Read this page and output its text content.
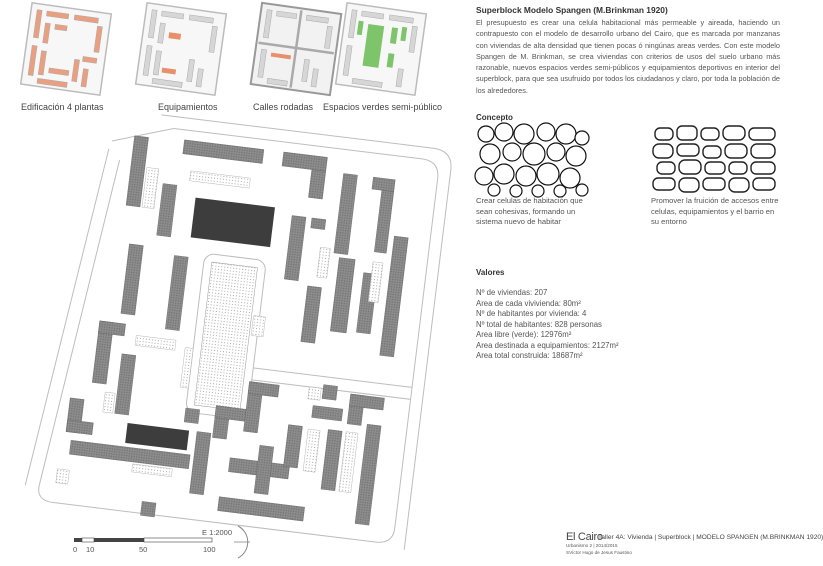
Edificación 4 plantas	Equipamientos	Calles rodadas Espacios verdes semi-público
E 1:2000
0 10	50	100
Superblock Modelo Spangen (M.Brinkman 1920)
El presupuesto es crear una celula habitacional más permeable y aireada, haciendo un contrapuesto con el modelo de desarrollo urbano del Cairo, que es marcada por manzanas con viviendas de alta densidad que tienen pocas ó ningúnas areas verdes. Con este modelo Spangen de M. Brinkman, se crea viviendas con criterios de usos del suelo urbano más razonable, nuevos espacios verdes semi-públicos y equipamientos deportivos en interior del superblock, para que sea usufruido por todos los ciudadanos y claro, por toda la población de los alrededores.
Concepto
Crear celulas de habitación que sean cohesivas, formando un sistema nuevo de habitar
Promover la fruición de accesos entre celulas, equipamientos y el barrio en su entorno
Valores
Nº de viviendas: 207
Area de cada vivivienda: 80m²
Nº de habitantes por vivienda: 4
Nº total de habitantes: 828 personas
Area libre (verde): 12976m²
Area destinada a equipamientos: 2127m²
Area total construida: 18687m²
El Cairo
Taller 4A: Vivienda | Superblock | MODELO SPANGEN (M.BRINKMAN 1920)
Urbanismo 2 | 2014/2015
SVíctor Hugo de Jesus Faustino
